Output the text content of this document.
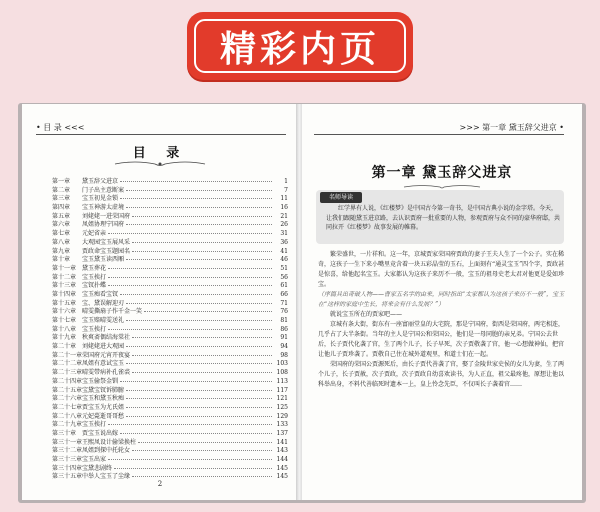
精彩内页
• 目 录 <<<
目 录
第一章	黛玉辞父进京	1
第二章	门子出主意断案	7
第三章	宝玉初见金锁	11
第四章	宝玉神游太虚境	16
第五章	刘姥姥一进荣国府	21
第六章	凤姐协理宁国府	26
第七章	元妃省亲	31
第八章	大观园宝玉展风采	36
第九章	贾政命宝玉题园名	41
第十章	宝玉黛玉读西厢	46
第十一章 黛玉葬花	51
第十二章 宝玉挨打	56
第十三章 宝钗扑蝶	61
第十四章 宝玉痴看宝钗	66
第十五章 宝、黛误解迎刃	71
第十六章 晴雯撕扇子作千金一笑	76
第十七章 宝玉赔晴雯送礼	81
第十八章 宝玉挨打	86
第十九章 秋爽斋偶结海棠社	91
第二十章 刘姥姥进大观园	94
第二十一章 荣国府元宵开夜宴	98
第二十二章 凤姐有意试宝玉	103
第二十三章 晴雯带病补孔雀裘	108
第二十四章 宝玉偷祭金钏	113
第二十五章 宝黛宝钗诉肺腑	117
第二十六章 宝玉和黛玉秋痴	121
第二十七章 贾宝玉为尤氏姐	125
第二十八章 元妃薨逝哥哥愁	129
第二十九章 宝玉挨打	133
第三十章 贾宝玉说出嫁	137
第三十一章 王熙凤设计偷梁换柱	141
第三十二章 凤姐到探中托轮女	143
第三十三章 宝玉出家	144
第三十四章 宝黛悲剧终	145
第三十五章 中举人宝玉了尘缘	145
2
>>> 第一章 黛玉辞父进京 •
第一章 黛玉辞父进京
名师导读
红学界有人说，《红楼梦》是中国古今第一奇书，是中国古典小说的金字塔。今天，让我们跟随黛玉进京路，去认识贾府一批重要的人物，参观贾府与众不同的豪华府邸，共同拉开《红楼梦》故事发展的帷幕。

繁荣盛世，一片祥和。这一年，京城贾家荣国府贾政的妻子王夫人生了一个公子。实在稀奇，这孩子一生下来小嘴里竟含着一块五彩晶莹的玉石，上面刻有“通灵宝玉”四个字，贾政甚是惊喜，给他起名宝玉。大家都认为这孩子来历不一般，宝玉的祖母史老太君对他更是爱如珍宝。

（序篇具出奇破人物——曹家五名字的由来，同时指出“太家都认为这孩子来历不一般”，宝玉在“这样的家庭中生长，将来会有什么发展？”）

就说宝玉所在的贾家吧——

京城有条大街，街东有一座富丽堂皇的大宅院，那是宁国府，街西是荣国府，两宅相连，几乎占了大半条街。当年的主人是宁国公和荣国公，他们是一母同胞的亲兄弟。宁国公去世后，长子贾代化袭了官，生了两个儿子，长子早死，次子贾敬袭了官，他一心想做神仙，把官让他儿子贾珍袭了。贾敬自己住在城外道观里，和道士们在一起。

荣国府的荣国公贾源死后，由长子贾代善袭了官，娶了金陵世家史侯的女儿为妻，生了两个儿子，长子贾赦，次子贾政，次子贾政自幼喜欢读书，为人正直，祖父最疼他，原想让他以科举出身，不料代善临死时遗本一上，皇上怜念先臣，不仅叫长子袭着官……
